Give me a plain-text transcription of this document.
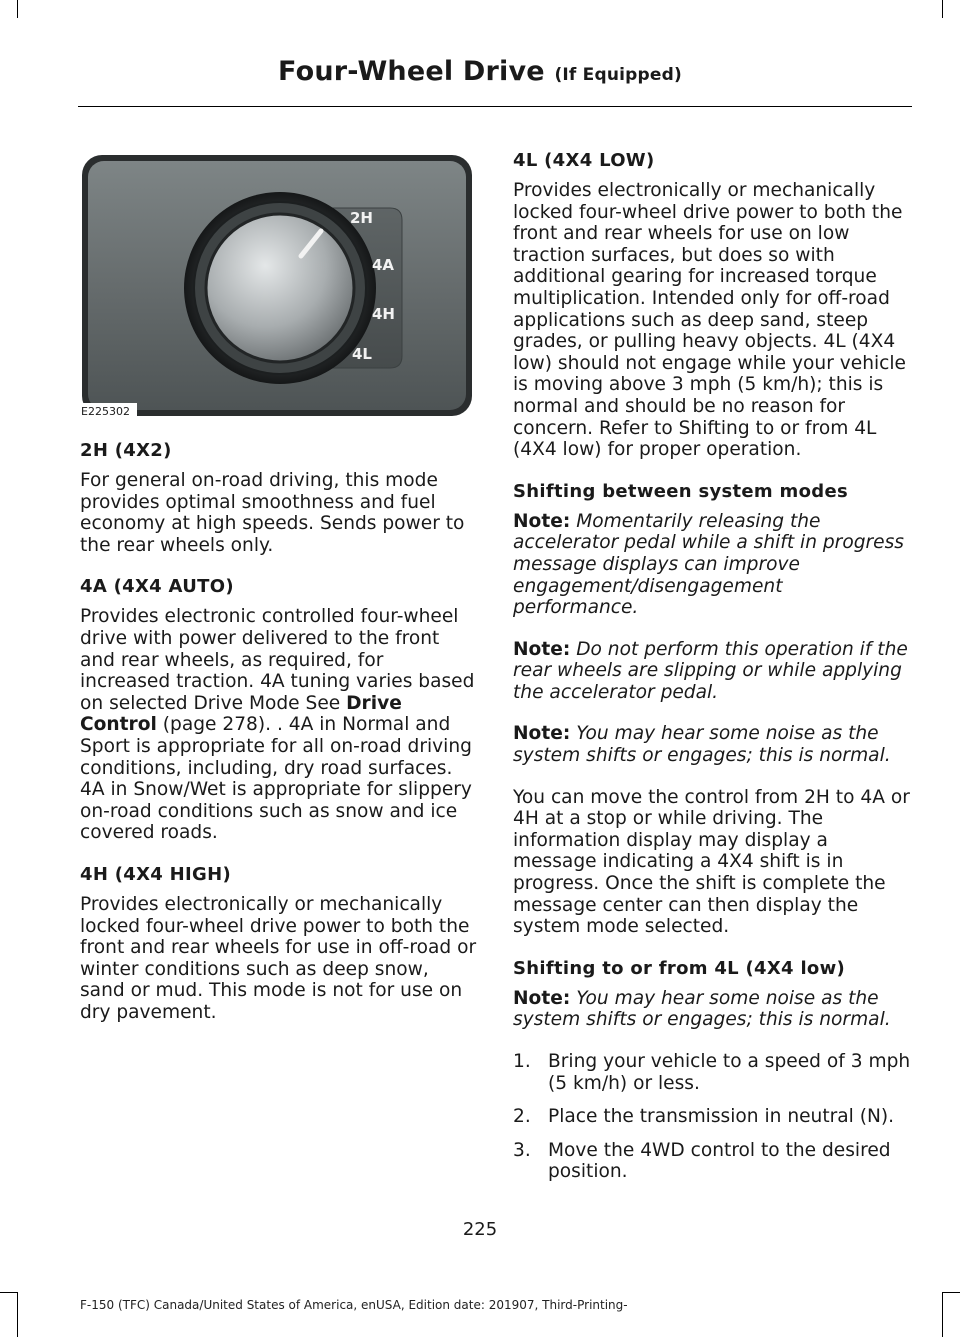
Four-Wheel Drive (If Equipped)
2H
4A
4H
4L
E225302
2H (4X2)

For general on-road driving, this mode provides optimal smoothness and fuel economy at high speeds. Sends power to the rear wheels only.

4A (4X4 AUTO)

Provides electronic controlled four-wheel drive with power delivered to the front and rear wheels, as required, for increased traction. 4A tuning varies based on selected Drive Mode See Drive Control (page 278). . 4A in Normal and Sport is appropriate for all on-road driving conditions, including, dry road surfaces. 4A in Snow/Wet is appropriate for slippery on-road conditions such as snow and ice covered roads.

4H (4X4 HIGH)

Provides electronically or mechanically locked four-wheel drive power to both the front and rear wheels for use in off-road or winter conditions such as deep snow, sand or mud. This mode is not for use on dry pavement.

4L (4X4 LOW)

Provides electronically or mechanically locked four-wheel drive power to both the front and rear wheels for use on low traction surfaces, but does so with additional gearing for increased torque multiplication. Intended only for off-road applications such as deep sand, steep grades, or pulling heavy objects. 4L (4X4 low) should not engage while your vehicle is moving above 3 mph (5 km/h); this is normal and should be no reason for concern. Refer to Shifting to or from 4L (4X4 low) for proper operation.

Shifting between system modes

Note: Momentarily releasing the accelerator pedal while a shift in progress message displays can improve engagement/disengagement performance.

Note: Do not perform this operation if the rear wheels are slipping or while applying the accelerator pedal.

Note: You may hear some noise as the system shifts or engages; this is normal.

You can move the control from 2H to 4A or 4H at a stop or while driving. The information display may display a message indicating a 4X4 shift is in progress. Once the shift is complete the message center can then display the system mode selected.

Shifting to or from 4L (4X4 low)

Note: You may hear some noise as the system shifts or engages; this is normal.

1. Bring your vehicle to a speed of 3 mph (5 km/h) or less.
2. Place the transmission in neutral (N).
3. Move the 4WD control to the desired position.
225
F-150 (TFC) Canada/United States of America, enUSA, Edition date: 201907, Third-Printing-
